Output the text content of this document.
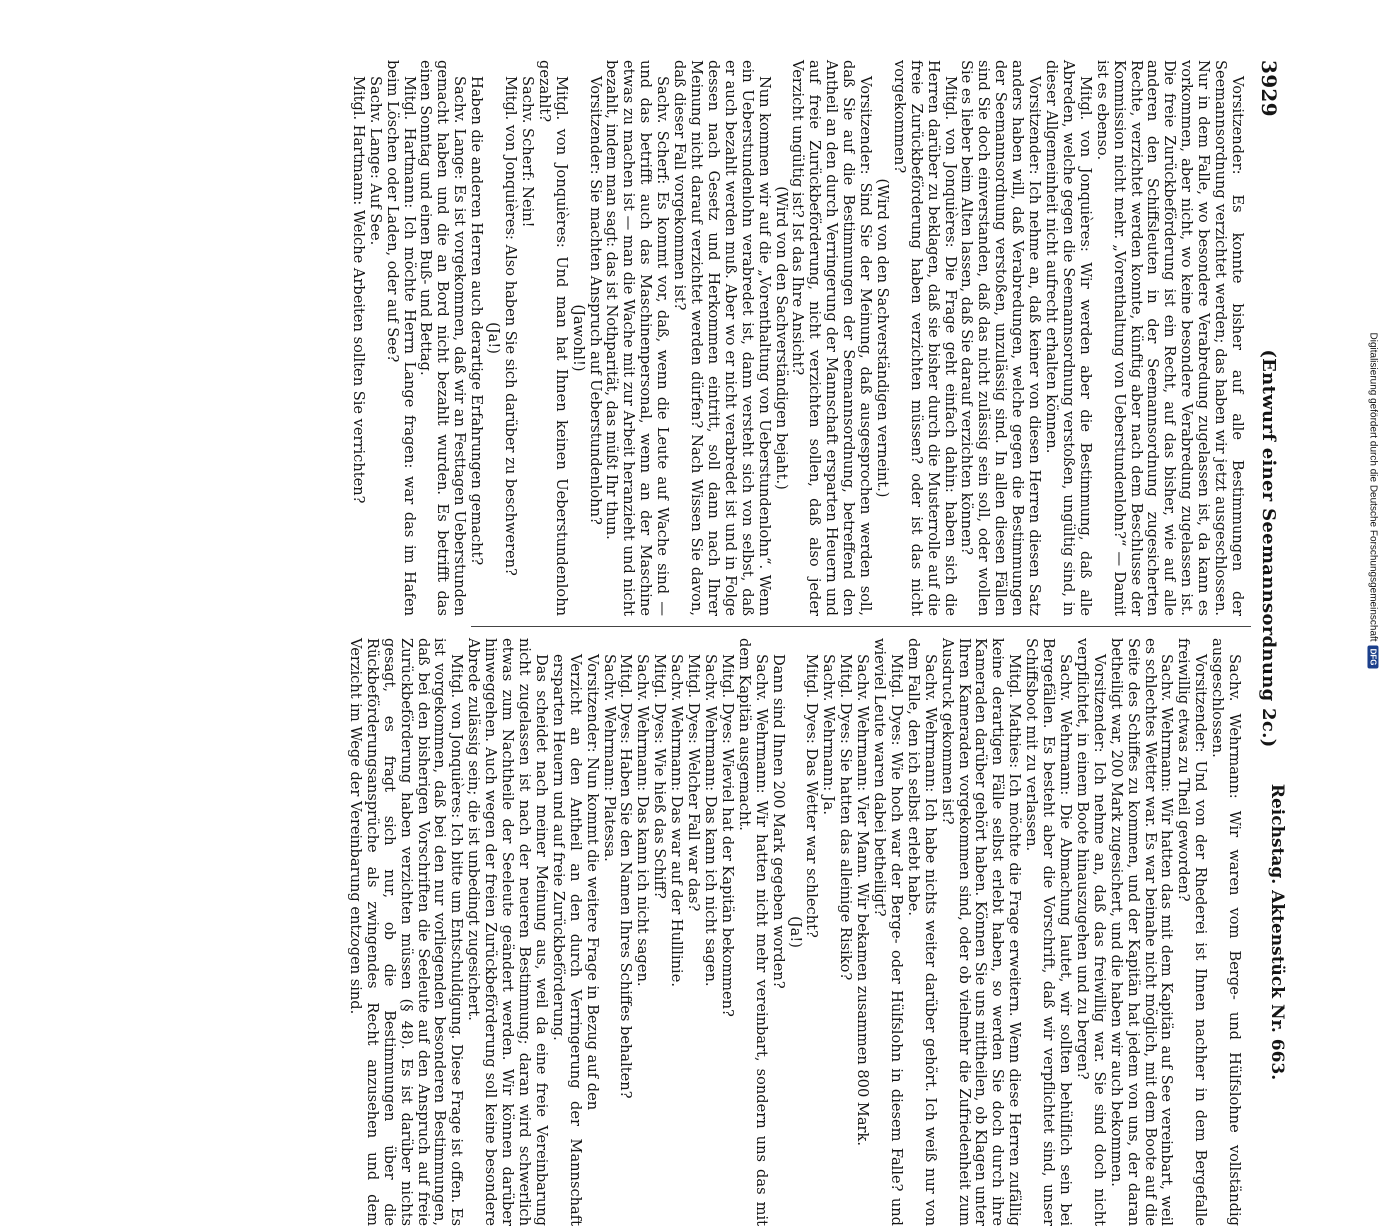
3929
(Entwurf einer Seemannsordnung 2c.)

Vorsitzender: Es konnte bisher auf alle Bestimmungen der Seemannsordnung verzichtet werden; das haben wir jetzt ausgeschlossen. Nur in dem Falle, wo besondere Verabredung zugelassen ist, da kann es vorkommen, aber nicht, wo keine besondere Verabredung zugelassen ist. Die freie Zurückbeförderung ist ein Recht, auf das bisher, wie auf alle anderen den Schiffsleuten in der Seemannsordnung zugesicherten Rechte, verzichtet werden konnte, künftig aber nach dem Beschlusse der Kommission nicht mehr. „Vorenthaltung von Ueberstundenlohn?“ — Damit ist es ebenso.

Mitgl. von Jonquières: Wir werden aber die Bestimmung, daß alle Abreden, welche gegen die Seemannsordnung verstoßen, ungültig sind, in dieser Allgemeinheit nicht aufrecht erhalten können.

Vorsitzender: Ich nehme an, daß keiner von diesen Herren diesen Satz anders haben will, daß Verabredungen, welche gegen die Bestimmungen der Seemannsordnung verstoßen, unzulässig sind. In allen diesen Fällen sind Sie doch einverstanden, daß das nicht zulässig sein soll, oder wollen Sie es lieber beim Alten lassen, daß Sie darauf verzichten können?

Mitgl. von Jonquières: Die Frage geht einfach dahin: haben sich die Herren darüber zu beklagen, daß sie bisher durch die Musterrolle auf die freie Zurückbeförderung haben verzichten müssen? oder ist das nicht vorgekommen?

(Wird von den Sachverständigen verneint.)

Vorsitzender: Sind Sie der Meinung, daß ausgesprochen werden soll, daß Sie auf die Bestimmungen der Seemannsordnung, betreffend den Antheil an den durch Verringerung der Mannschaft ersparten Heuern und auf freie Zurückbeförderung, nicht verzichten sollen, daß also jeder Verzicht ungültig ist? Ist das Ihre Ansicht?

(Wird von den Sachverständigen bejaht.)

Nun kommen wir auf die „Vorenthaltung von Ueberstundenlohn“. Wenn ein Ueberstundenlohn verabredet ist, dann versteht sich von selbst, daß er auch bezahlt werden muß. Aber wo er nicht verabredet ist und in Folge dessen nach Gesetz und Herkommen eintritt, soll dann nach Ihrer Meinung nicht darauf verzichtet werden dürfen? Nach Wissen Sie davon, daß dieser Fall vorgekommen ist?

Sachv. Scherf: Es kommt vor, daß, wenn die Leute auf Wache sind — und das betrifft auch das Maschinenpersonal, wenn an der Maschine etwas zu machen ist — man die Wache mit zur Arbeit heranzieht und nicht bezahlt, indem man sagt: das ist Nothparität, das müßt Ihr thun.

Vorsitzender: Sie machten Anspruch auf Ueberstundenlohn?

(Jawohl!)

Mitgl. von Jonquières: Und man hat Ihnen keinen Ueberstundenlohn gezahlt?

Sachv. Scherf: Nein!

Mitgl. von Jonquières: Also haben Sie sich darüber zu beschweren?

(Ja!)

Haben die anderen Herren auch derartige Erfahrungen gemacht?

Sachv. Lange: Es ist vorgekommen, daß wir an Festtagen Ueberstunden gemacht haben und die an Bord nicht bezahlt wurden. Es betrifft das einen Sonntag und einen Buß- und Bettag.

Mitgl. Hartmann: Ich möchte Herrn Lange fragen: war das im Hafen beim Löschen oder Laden, oder auf See?

Sachv. Lange: Auf See.

Mitgl. Hartmann: Welche Arbeiten sollten Sie verrichten?

Reichstag. Aktenstück Nr. 663.

Sachv. Wehrmann: Wir waren vom Berge- und Hülfslohne vollständig ausgeschlossen.

Vorsitzender: Und von der Rhederei ist Ihnen nachher in dem Bergefalle freiwillig etwas zu Theil geworden?

Sachv. Wehrmann: Wir hatten das mit dem Kapitän auf See vereinbart, weil es schlechtes Wetter war. Es war beinahe nicht möglich, mit dem Boote auf die Seite des Schiffes zu kommen, und der Kapitän hat jedem von uns, der daran betheiligt war, 200 Mark zugesichert, und die haben wir auch bekommen.

Vorsitzender: Ich nehme an, daß das freiwillig war. Sie sind doch nicht verpflichtet, in einem Boote hinauszugehen und zu bergen?

Sachv. Wehrmann: Die Abmachung lautet, wir sollten behülflich sein bei Bergefällen. Es besteht aber die Vorschrift, daß wir verpflichtet sind, unser Schiffsboot mit zu verlassen.

Mitgl. Mathies: Ich möchte die Frage erweitern. Wenn diese Herren zufällig keine derartigen Fälle selbst erlebt haben, so werden Sie doch durch ihre Kameraden darüber gehört haben. Können Sie uns mittheilen, ob Klagen unter Ihren Kameraden vorgekommen sind, oder ob vielmehr die Zufriedenheit zum Ausdruck gekommen ist?

Sachv. Wehrmann: Ich habe nichts weiter darüber gehört. Ich weiß nur von dem Falle, den ich selbst erlebt habe.

Mitgl. Dyes: Wie hoch war der Berge- oder Hülfslohn in diesem Falle? und wieviel Leute waren dabei betheiligt?

Sachv. Wehrmann: Vier Mann. Wir bekamen zusammen 800 Mark.

Mitgl. Dyes: Sie hatten das alleinige Risiko?

Sachv. Wehrmann: Ja.

Mitgl. Dyes: Das Wetter war schlecht?

(Ja!)

Dann sind Ihnen 200 Mark gegeben worden?

Sachv. Wehrmann: Wir hatten nicht mehr vereinbart, sondern uns das mit dem Kapitän ausgemacht.

Mitgl. Dyes: Wieviel hat der Kapitän bekommen?

Sachv. Wehrmann: Das kann ich nicht sagen.

Mitgl. Dyes: Welcher Fall war das?

Sachv. Wehrmann: Das war auf der Hulllinie.

Mitgl. Dyes: Wie hieß das Schiff?

Sachv. Wehrmann: Das kann ich nicht sagen.

Mitgl. Dyes: Haben Sie den Namen Ihres Schiffes behalten?

Sachv. Wehrmann: Platessa.

Vorsitzender: Nun kommt die weitere Frage in Bezug auf den

Verzicht an den Antheil an den durch Verringerung der Mannschaft ersparten Heuern und auf freie Zurückbeförderung.

Das scheidet nach meiner Meinung aus, weil da eine freie Vereinbarung nicht zugelassen ist nach der neueren Bestimmung; daran wird schwerlich etwas zum Nachtheile der Seeleute geändert werden. Wir können darüber hinweggehen. Auch wegen der freien Zurückbeförderung soll keine besondere Abrede zulässig sein; die ist unbedingt zugesichert.

Mitgl. von Jonquières: Ich bitte um Entschuldigung. Diese Frage ist offen. Es ist vorgekommen, daß bei den nur vorliegenden besonderen Bestimmungen, daß bei den bisherigen Vorschriften die Seeleute auf den Anspruch auf freie Zurückbeförderung haben verzichten müssen (§ 48). Es ist darüber nichts gesagt, es fragt sich nur, ob die Bestimmungen über die Rückbeförderungsansprüche als zwingendes Recht anzusehen und dem Verzicht im Wege der Vereinbarung entzogen sind.

Digitalisierung gefördert durch die Deutsche Forschungsgemeinschaft
DFG
